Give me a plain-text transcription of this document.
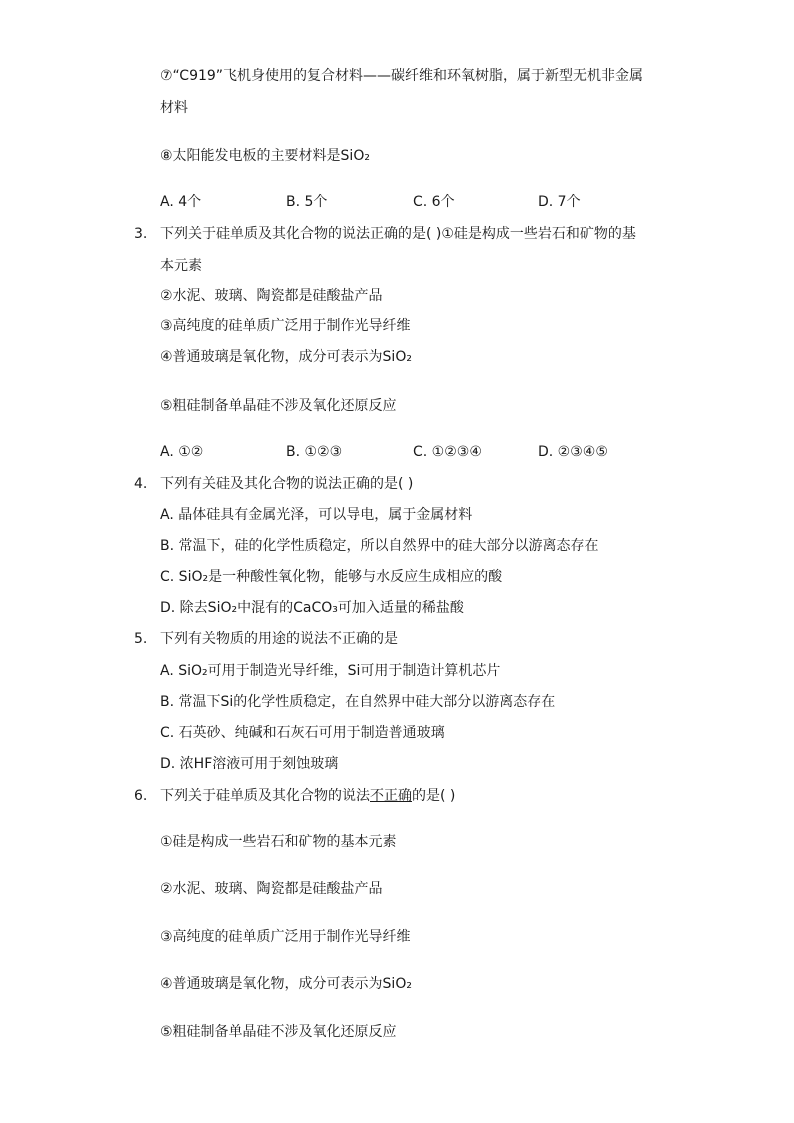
⑦“C919”飞机身使用的复合材料——碳纤维和环氧树脂，属于新型无机非金属
材料
⑧太阳能发电板的主要材料是SiO₂
A. 4个	B. 5个	C. 6个	D. 7个
3. 下列关于硅单质及其化合物的说法正确的是( )①硅是构成一些岩石和矿物的基
本元素
②水泥、玻璃、陶瓷都是硅酸盐产品
③高纯度的硅单质广泛用于制作光导纤维
④普通玻璃是氧化物，成分可表示为SiO₂
⑤粗硅制备单晶硅不涉及氧化还原反应
A. ①②	B. ①②③	C. ①②③④	D. ②③④⑤
4. 下列有关硅及其化合物的说法正确的是( )
A. 晶体硅具有金属光泽，可以导电，属于金属材料
B. 常温下，硅的化学性质稳定，所以自然界中的硅大部分以游离态存在
C. SiO₂是一种酸性氧化物，能够与水反应生成相应的酸
D. 除去SiO₂中混有的CaCO₃可加入适量的稀盐酸
5. 下列有关物质的用途的说法不正确的是
A. SiO₂可用于制造光导纤维，Si可用于制造计算机芯片
B. 常温下Si的化学性质稳定，在自然界中硅大部分以游离态存在
C. 石英砂、纯碱和石灰石可用于制造普通玻璃
D. 浓HF溶液可用于刻蚀玻璃
6. 下列关于硅单质及其化合物的说法不正确的是( )
①硅是构成一些岩石和矿物的基本元素
②水泥、玻璃、陶瓷都是硅酸盐产品
③高纯度的硅单质广泛用于制作光导纤维
④普通玻璃是氧化物，成分可表示为SiO₂
⑤粗硅制备单晶硅不涉及氧化还原反应
